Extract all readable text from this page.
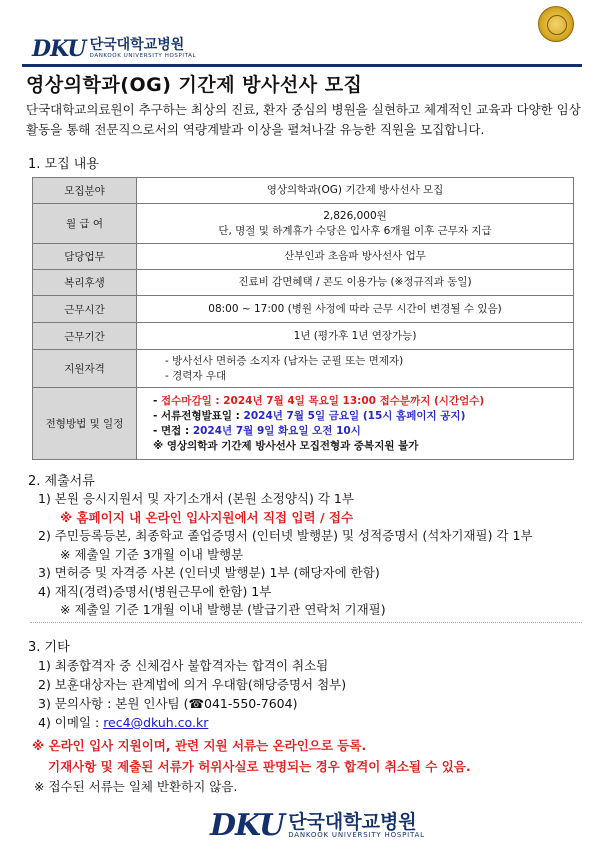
DKU 단국대학교병원
DANKOOK UNIVERSITY HOSPITAL
영상의학과(OG) 기간제 방사선사 모집
단국대학교의료원이 추구하는 최상의 진료, 환자 중심의 병원을 실현하고 체계적인 교육과 다양한 임상활동을 통해 전문직으로서의 역량계발과 이상을 펼쳐나갈 유능한 직원을 모집합니다.
1. 모집 내용
모집분야	영상의학과(OG) 기간제 방사선사 모집
월 급 여	2,826,000원
단, 명절 및 하계휴가 수당은 입사후 6개월 이후 근무자 지급

담당업무	산부인과 초음파 방사선사 업무
복리후생	진료비 감면혜택 / 콘도 이용가능 (※정규직과 동일)
근무시간	08:00 ~ 17:00 (병원 사정에 따라 근무 시간이 변경될 수 있음)
근무기간	1년 (평가후 1년 연장가능)
지원자격	- 방사선사 면허증 소지자 (남자는 군필 또는 면제자)
- 경력자 우대

전형방법 및 일정	- 접수마감일 : 2024년 7월 4일 목요일 13:00 접수분까지 (시간엄수)
- 서류전형발표일 : 2024년 7월 5일 금요일 (15시 홈페이지 공지)
- 면접 : 2024년 7월 9일 화요일 오전 10시
※ 영상의학과 기간제 방사선사 모집전형과 중복지원 불가
2. 제출서류
1) 본원 응시지원서 및 자기소개서 (본원 소정양식) 각 1부
※ 홈페이지 내 온라인 입사지원에서 직접 입력 / 접수
2) 주민등록등본, 최종학교 졸업증명서 (인터넷 발행분) 및 성적증명서 (석차기재필) 각 1부
※ 제출일 기준 3개월 이내 발행분
3) 면허증 및 자격증 사본 (인터넷 발행분) 1부 (해당자에 한함)
4) 재직(경력)증명서(병원근무에 한함) 1부
※ 제출일 기준 1개월 이내 발행분 (발급기관 연락처 기재필)
3. 기타
1) 최종합격자 중 신체검사 불합격자는 합격이 취소됨
2) 보훈대상자는 관계법에 의거 우대함(해당증명서 첨부)
3) 문의사항 : 본원 인사팀 (☎041-550-7604)
4) 이메일 : rec4@dkuh.co.kr
※ 온라인 입사 지원이며, 관련 지원 서류는 온라인으로 등록.
기재사항 및 제출된 서류가 허위사실로 판명되는 경우 합격이 취소될 수 있음.
※ 접수된 서류는 일체 반환하지 않음.
DKU 단국대학교병원
DANKOOK UNIVERSITY HOSPITAL
